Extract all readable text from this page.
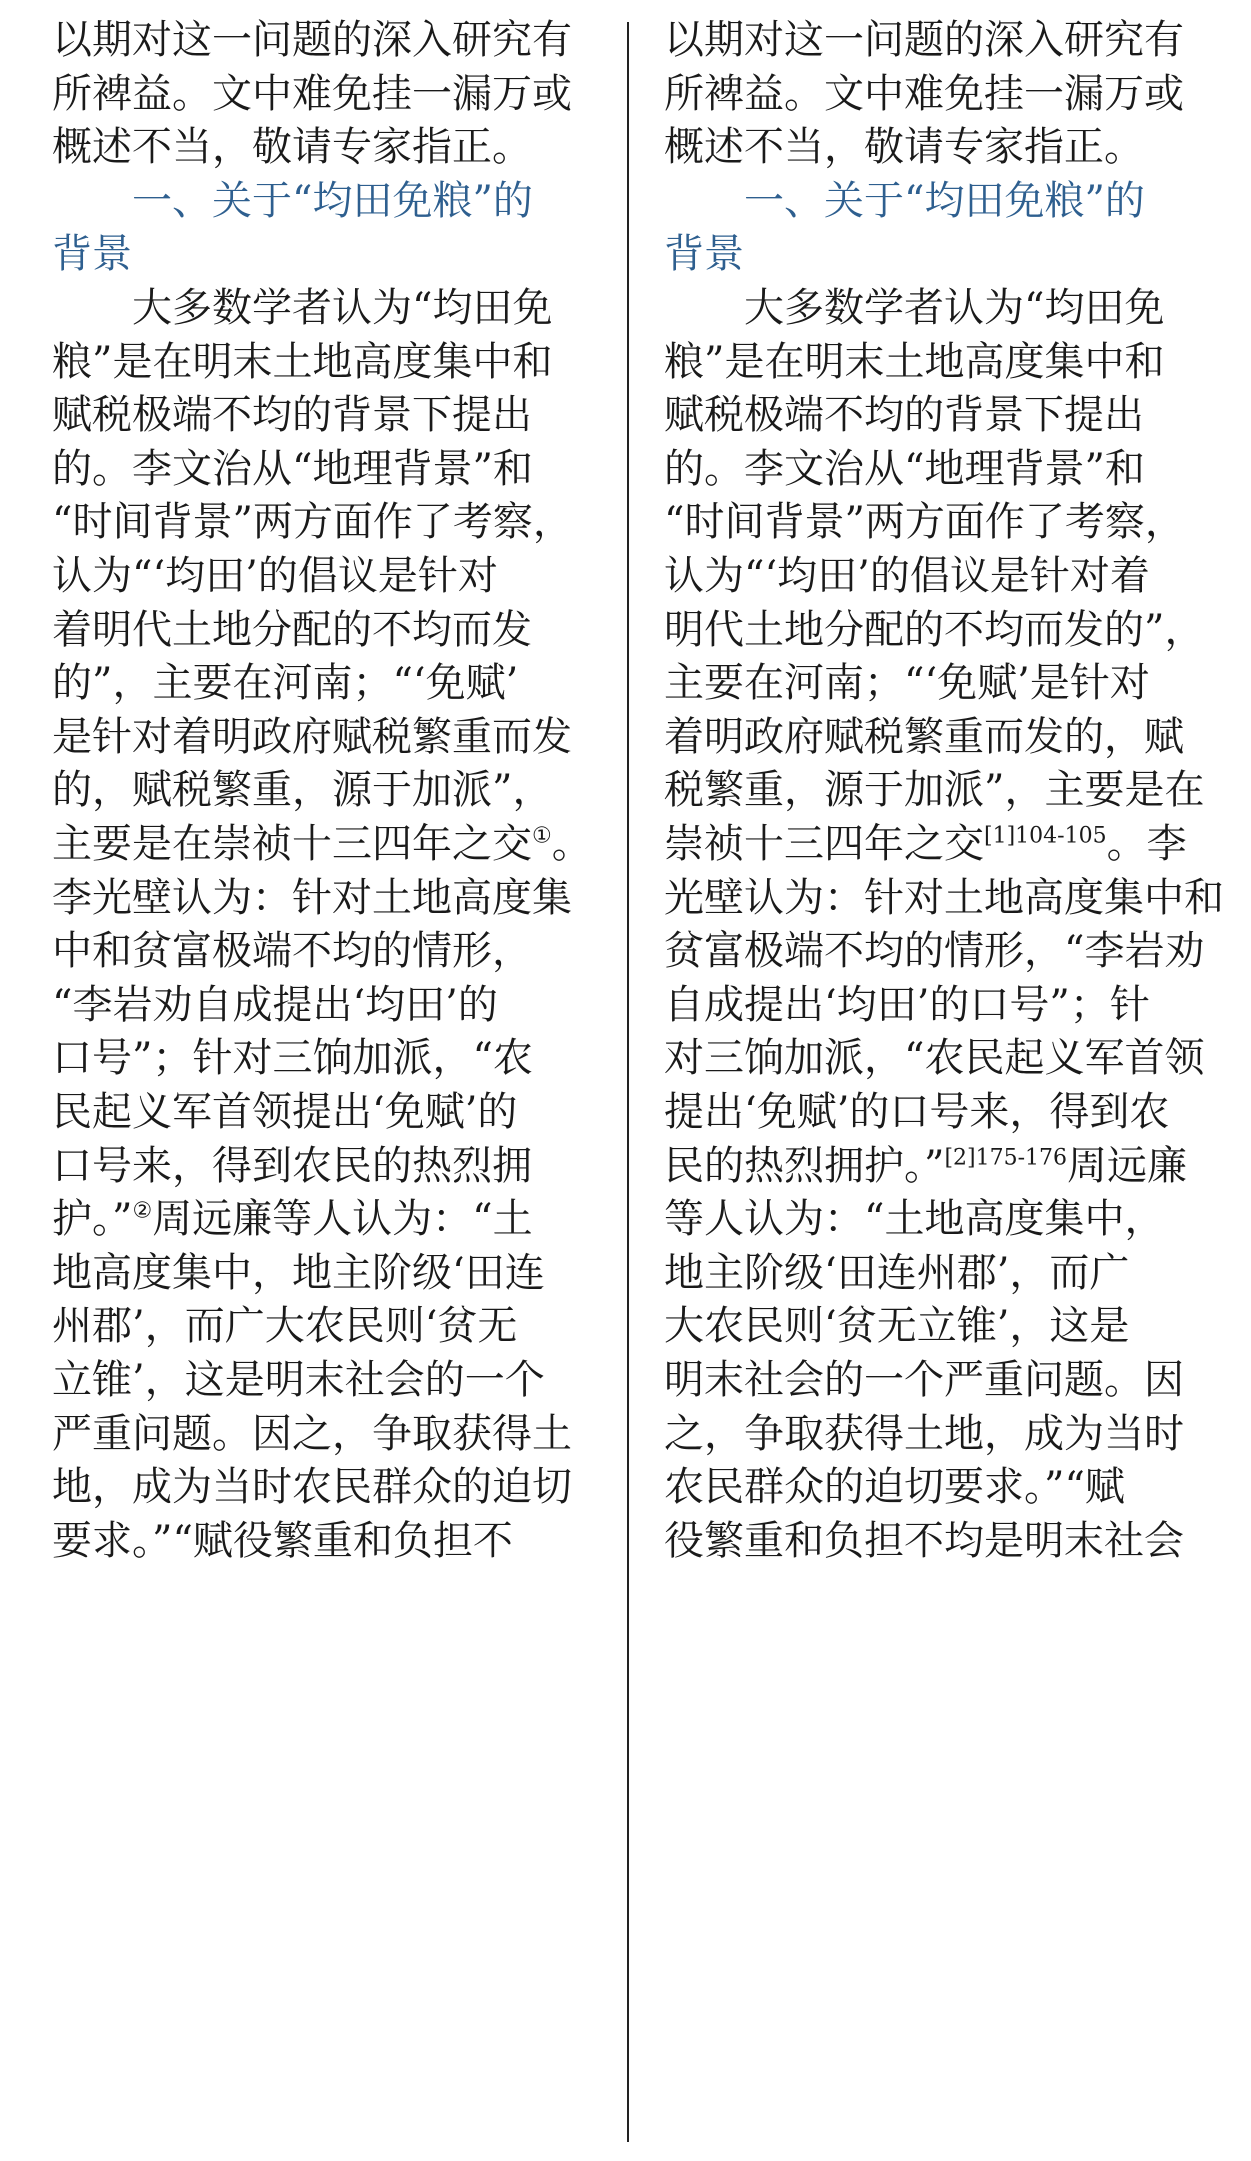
以期对这一问题的深入研究有
所裨益。文中难免挂一漏万或
概述不当，敬请专家指正。
　　一、关于“均田免粮”的
背景
　　大多数学者认为“均田免
粮”是在明末土地高度集中和
赋税极端不均的背景下提出
的。李文治从“地理背景”和
“时间背景”两方面作了考察，
认为“‘均田’的倡议是针对
着明代土地分配的不均而发
的”，主要在河南；“‘免赋’
是针对着明政府赋税繁重而发
的，赋税繁重，源于加派”，
主要是在崇祯十三四年之交①。
李光壁认为：针对土地高度集
中和贫富极端不均的情形，
“李岩劝自成提出‘均田’的
口号”；针对三饷加派，“农
民起义军首领提出‘免赋’的
口号来，得到农民的热烈拥
护。”②周远廉等人认为：“土
地高度集中，地主阶级‘田连
州郡’，而广大农民则‘贫无
立锥’，这是明末社会的一个
严重问题。因之，争取获得土
地，成为当时农民群众的迫切
要求。”“赋役繁重和负担不
以期对这一问题的深入研究有
所裨益。文中难免挂一漏万或
概述不当，敬请专家指正。
　　一、关于“均田免粮”的
背景
　　大多数学者认为“均田免
粮”是在明末土地高度集中和
赋税极端不均的背景下提出
的。李文治从“地理背景”和
“时间背景”两方面作了考察，
认为“‘均田’的倡议是针对着
明代土地分配的不均而发的”，
主要在河南；“‘免赋’是针对
着明政府赋税繁重而发的，赋
税繁重，源于加派”，主要是在
崇祯十三四年之交$^{[1]104-105}$。李
光壁认为：针对土地高度集中和
贫富极端不均的情形，“李岩劝
自成提出‘均田’的口号”；针
对三饷加派，“农民起义军首领
提出‘免赋’的口号来，得到农
民的热烈拥护。”$^{[2]175-176}$周远廉
等人认为：“土地高度集中，
地主阶级‘田连州郡’，而广
大农民则‘贫无立锥’，这是
明末社会的一个严重问题。因
之，争取获得土地，成为当时
农民群众的迫切要求。”“赋
役繁重和负担不均是明末社会
